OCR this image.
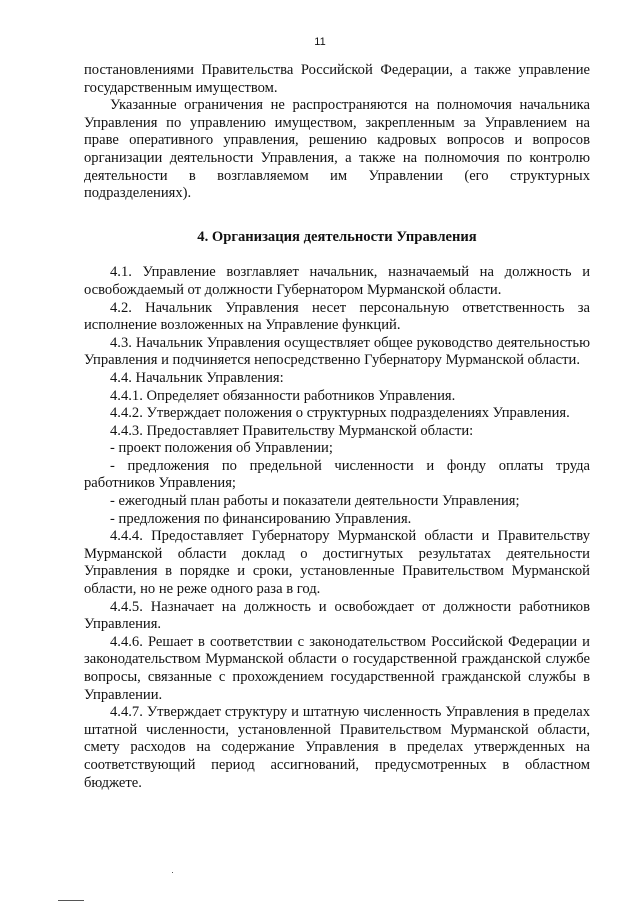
11

постановлениями Правительства Российской Федерации, а также управление государственным имуществом.

Указанные ограничения не распространяются на полномочия начальника Управления по управлению имуществом, закрепленным за Управлением на праве оперативного управления, решению кадровых вопросов и вопросов организации деятельности Управления, а также на полномочия по контролю деятельности в возглавляемом им Управлении (его структурных подразделениях).

4. Организация деятельности Управления

4.1. Управление возглавляет начальник, назначаемый на должность и освобождаемый от должности Губернатором Мурманской области.

4.2. Начальник Управления несет персональную ответственность за исполнение возложенных на Управление функций.

4.3. Начальник Управления осуществляет общее руководство деятельностью Управления и подчиняется непосредственно Губернатору Мурманской области.

4.4. Начальник Управления:

4.4.1. Определяет обязанности работников Управления.

4.4.2. Утверждает положения о структурных подразделениях Управления.

4.4.3. Предоставляет Правительству Мурманской области:

- проект положения об Управлении;

- предложения по предельной численности и фонду оплаты труда работников Управления;

- ежегодный план работы и показатели деятельности Управления;

- предложения по финансированию Управления.

4.4.4. Предоставляет Губернатору Мурманской области и Правительству Мурманской области доклад о достигнутых результатах деятельности Управления в порядке и сроки, установленные Правительством Мурманской области, но не реже одного раза в год.

4.4.5. Назначает на должность и освобождает от должности работников Управления.

4.4.6. Решает в соответствии с законодательством Российской Федерации и законодательством Мурманской области о государственной гражданской службе вопросы, связанные с прохождением государственной гражданской службы в Управлении.

4.4.7. Утверждает структуру и штатную численность Управления в пределах штатной численности, установленной Правительством Мурманской области, смету расходов на содержание Управления в пределах утвержденных на соответствующий период ассигнований, предусмотренных в областном бюджете.
